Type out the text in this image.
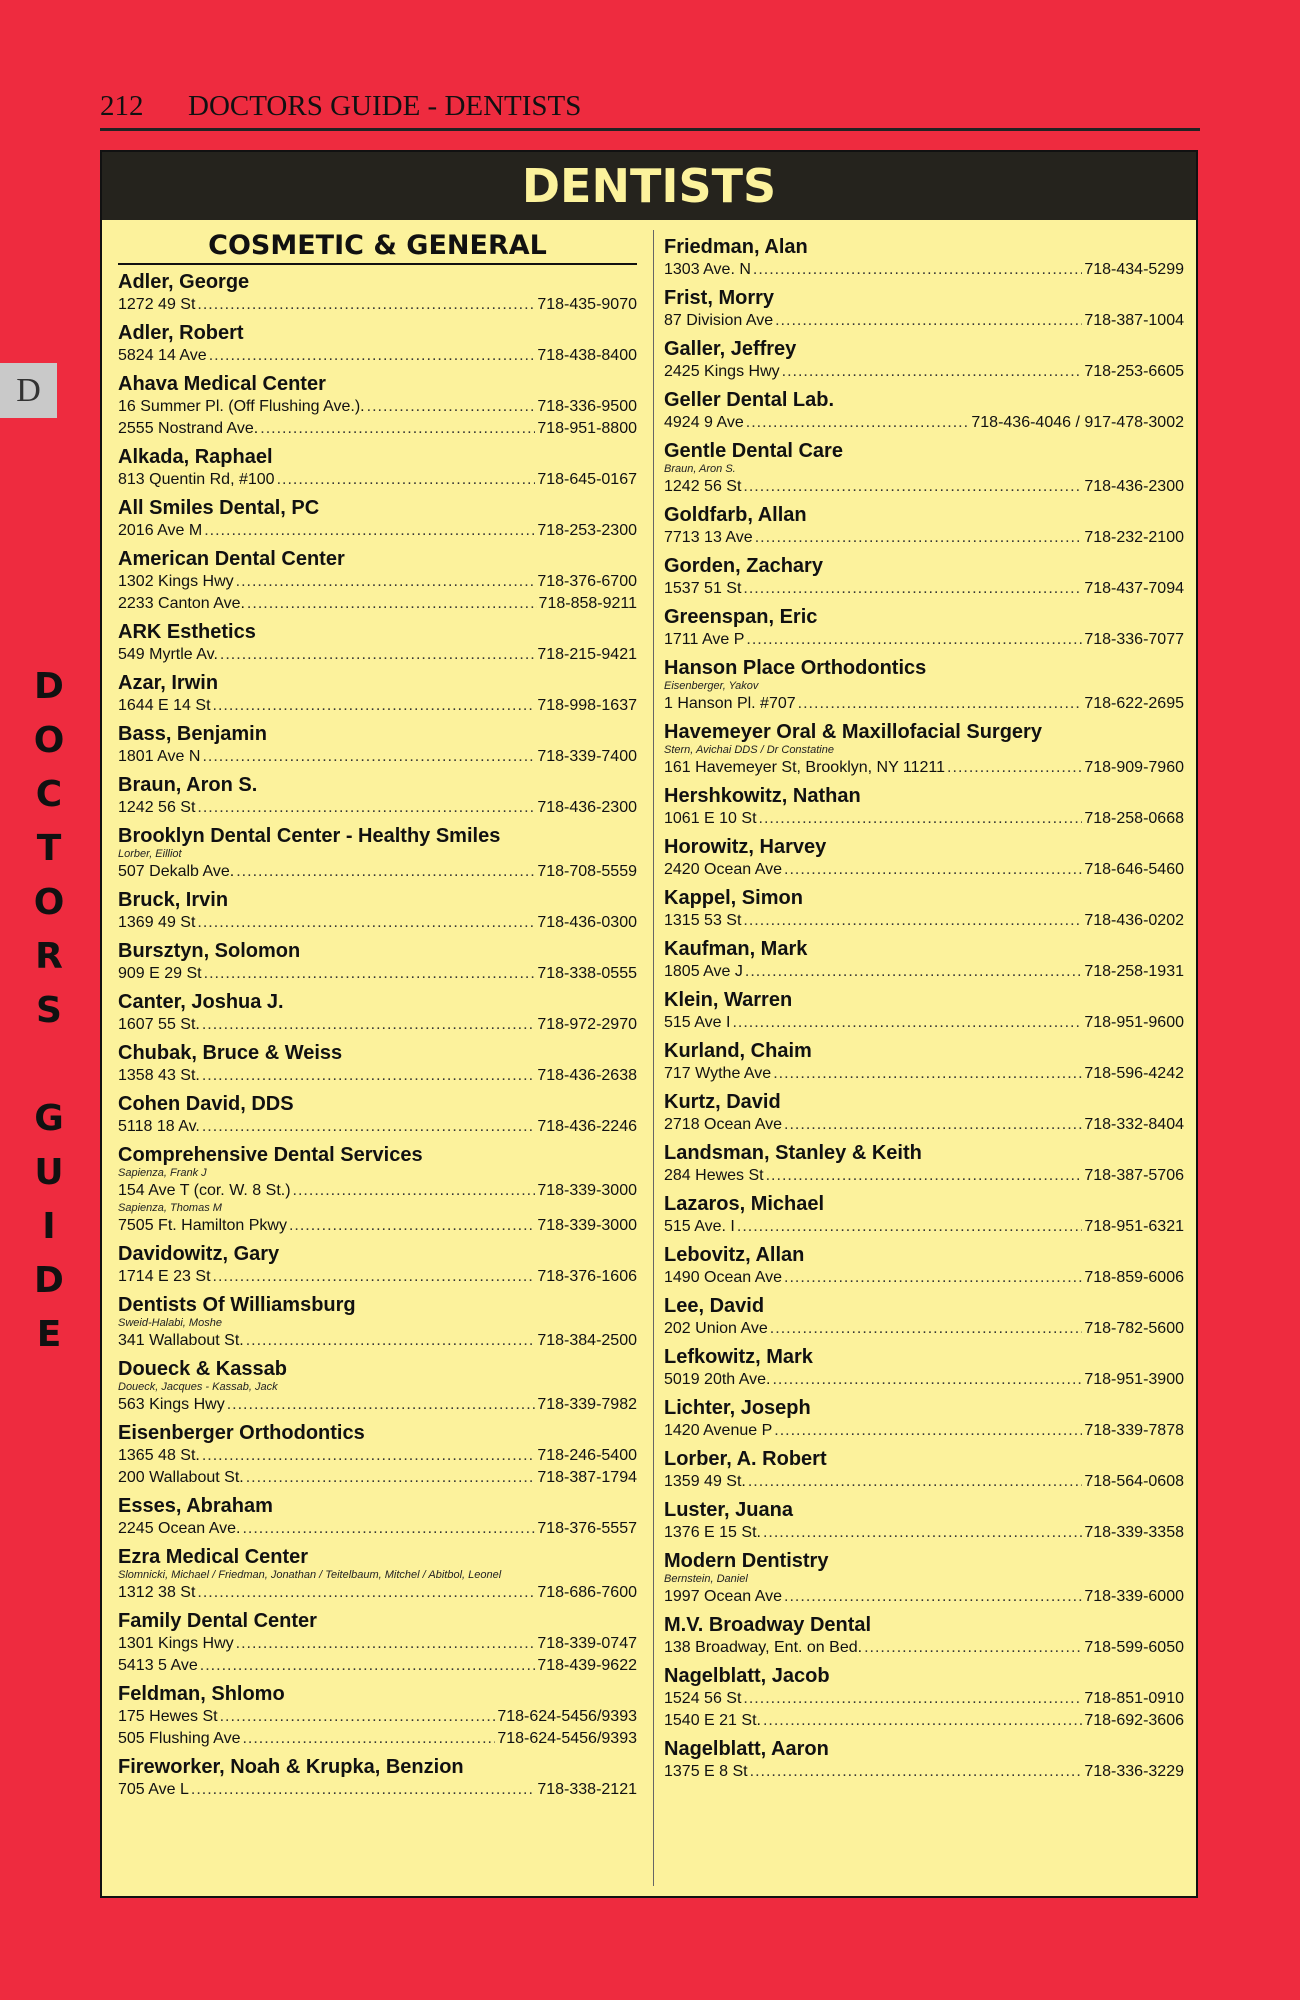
212 DOCTORS GUIDE - DENTISTS
D
D
O
C
T
O
R
S

G
U
I
D
E
DENTISTS
COSMETIC & GENERAL
Adler, George
1272 49 St .....	718-435-9070
Adler, Robert
5824 14 Ave .....	718-438-8400
Ahava Medical Center
16 Summer Pl. (Off Flushing Ave.). .....	718-336-9500
2555 Nostrand Ave. .....	718-951-8800
Alkada, Raphael
813 Quentin Rd, #100 .....	718-645-0167
All Smiles Dental, PC
2016 Ave M .....	718-253-2300
American Dental Center
1302 Kings Hwy .....	718-376-6700
2233 Canton Ave. .....	718-858-9211
ARK Esthetics
549 Myrtle Av. .....	718-215-9421
Azar, Irwin
1644 E 14 St .....	718-998-1637
Bass, Benjamin
1801 Ave N .....	718-339-7400
Braun, Aron S.
1242 56 St .....	718-436-2300
Brooklyn Dental Center - Healthy Smiles
Lorber, Eilliot
507 Dekalb Ave. .....	718-708-5559
Bruck, Irvin
1369 49 St .....	718-436-0300
Bursztyn, Solomon
909 E 29 St .....	718-338-0555
Canter, Joshua J.
1607 55 St. .....	718-972-2970
Chubak, Bruce & Weiss
1358 43 St. .....	718-436-2638
Cohen David, DDS
5118 18 Av. .....	718-436-2246
Comprehensive Dental Services
Sapienza, Frank J
154 Ave T (cor. W. 8 St.) .....	718-339-3000
Sapienza, Thomas M
7505 Ft. Hamilton Pkwy .....	718-339-3000
Davidowitz, Gary
1714 E 23 St .....	718-376-1606
Dentists Of Williamsburg
Sweid-Halabi, Moshe
341 Wallabout St. .....	718-384-2500
Doueck & Kassab
Doueck, Jacques - Kassab, Jack
563 Kings Hwy .....	718-339-7982
Eisenberger Orthodontics
1365 48 St. .....	718-246-5400
200 Wallabout St. .....	718-387-1794
Esses, Abraham
2245 Ocean Ave. .....	718-376-5557
Ezra Medical Center
Slomnicki, Michael / Friedman, Jonathan / Teitelbaum, Mitchel / Abitbol, Leonel
1312 38 St .....	718-686-7600
Family Dental Center
1301 Kings Hwy .....	718-339-0747
5413 5 Ave .....	718-439-9622
Feldman, Shlomo
175 Hewes St .....	718-624-5456/9393
505 Flushing Ave .....	718-624-5456/9393
Fireworker, Noah & Krupka, Benzion
705 Ave L .....	718-338-2121
Friedman, Alan
1303 Ave. N .....	718-434-5299
Frist, Morry
87 Division Ave .....	718-387-1004
Galler, Jeffrey
2425 Kings Hwy .....	718-253-6605
Geller Dental Lab.
4924 9 Ave .....	718-436-4046 / 917-478-3002
Gentle Dental Care
Braun, Aron S.
1242 56 St .....	718-436-2300
Goldfarb, Allan
7713 13 Ave .....	718-232-2100
Gorden, Zachary
1537 51 St .....	718-437-7094
Greenspan, Eric
1711 Ave P .....	718-336-7077
Hanson Place Orthodontics
Eisenberger, Yakov
1 Hanson Pl. #707 .....	718-622-2695
Havemeyer Oral & Maxillofacial Surgery
Stern, Avichai DDS / Dr Constatine
161 Havemeyer St, Brooklyn, NY 11211 .....	718-909-7960
Hershkowitz, Nathan
1061 E 10 St .....	718-258-0668
Horowitz, Harvey
2420 Ocean Ave .....	718-646-5460
Kappel, Simon
1315 53 St .....	718-436-0202
Kaufman, Mark
1805 Ave J .....	718-258-1931
Klein, Warren
515 Ave I .....	718-951-9600
Kurland, Chaim
717 Wythe Ave .....	718-596-4242
Kurtz, David
2718 Ocean Ave .....	718-332-8404
Landsman, Stanley & Keith
284 Hewes St .....	718-387-5706
Lazaros, Michael
515 Ave. I .....	718-951-6321
Lebovitz, Allan
1490 Ocean Ave .....	718-859-6006
Lee, David
202 Union Ave .....	718-782-5600
Lefkowitz, Mark
5019 20th Ave. .....	718-951-3900
Lichter, Joseph
1420 Avenue P .....	718-339-7878
Lorber, A. Robert
1359 49 St. .....	718-564-0608
Luster, Juana
1376 E 15 St. .....	718-339-3358
Modern Dentistry
Bernstein, Daniel
1997 Ocean Ave .....	718-339-6000
M.V. Broadway Dental
138 Broadway, Ent. on Bed. .....	718-599-6050
Nagelblatt, Jacob
1524 56 St .....	718-851-0910
1540 E 21 St. .....	718-692-3606
Nagelblatt, Aaron
1375 E 8 St .....	718-336-3229
